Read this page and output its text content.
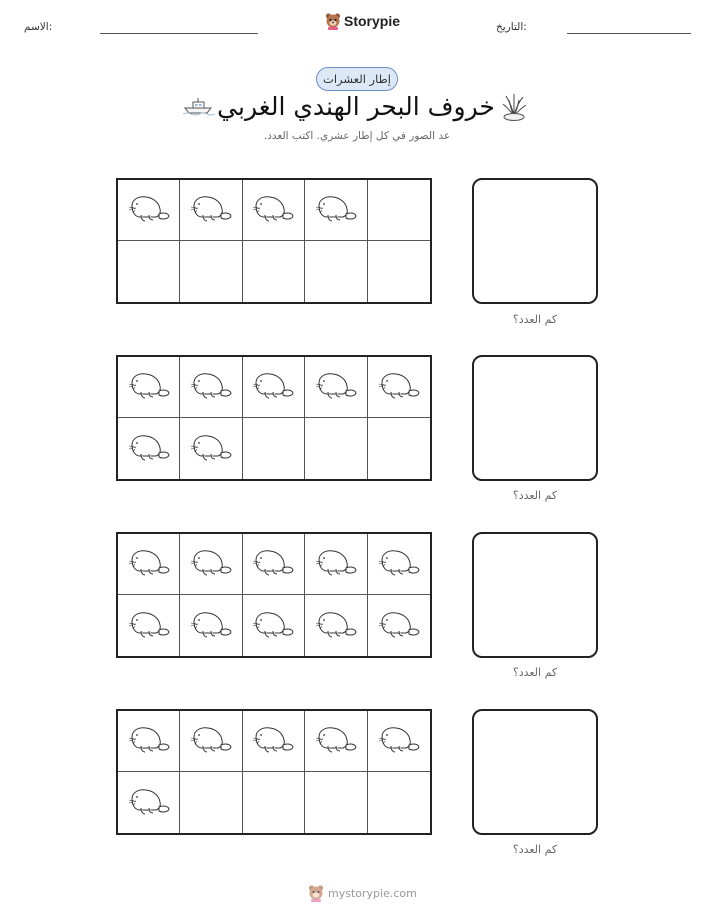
الاسم:	Storypie	التاريخ:
إطار العشرات
خروف البحر الهندي الغربي
عد الصور في كل إطار عشري. اكتب العدد.
كم العدد؟
كم العدد؟
كم العدد؟
كم العدد؟
mystorypie.com
